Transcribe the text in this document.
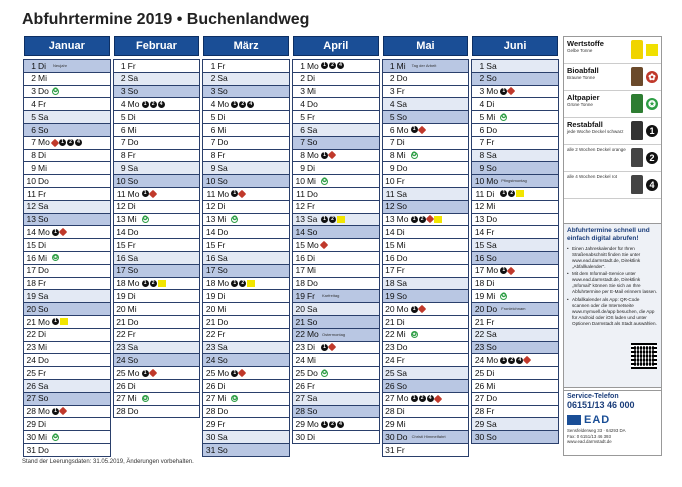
Abfuhrtermine 2019 • Buchenlandweg
Januar
1 Di	Neujahr
2 Mi
3 Do ✪
4 Fr
5 Sa
6 So
7 Mo	1	2	4
8 Di
9 Mi
10 Do
11 Fr
12 Sa
13 So
14 Mo 1
15 Di
16 Mi	✪
17 Do
18 Fr
19 Sa
20 So
21 Mo 1
22 Di
23 Mi
24 Do
25 Fr
26 Sa
27 So
28 Mo 1
29 Di
30 Mi	✪
31 Do
Februar
1 Fr
2 Sa
3 So
4 Mo 1	2	4
5 Di
6 Mi
7 Do
8 Fr
9 Sa
10 So
11 Mo 1
12 Di
13 Mi	✪
14 Do
15 Fr
16 Sa
17 So
18 Mo 1	2
19 Di
20 Mi
21 Do
22 Fr
23 Sa
24 So
25 Mo 1
26 Di
27 Mi	✪
28 Do
März
1 Fr
2 Sa
3 So
4 Mo 1	2	4
5 Di
6 Mi
7 Do
8 Fr
9 Sa
10 So
11 Mo 1
12 Di
13 Mi	✪
14 Do
15 Fr
16 Sa
17 So
18 Mo 1	2
19 Di
20 Mi
21 Do
22 Fr
23 Sa
24 So
25 Mo 1
26 Di
27 Mi	✪
28 Do
29 Fr
30 Sa
31 So
April
1 Mo 1	2	4
2 Di
3 Mi
4 Do
5 Fr
6 Sa
7 So
8 Mo 1
9 Di
10 Mi	✪
11 Do
12 Fr
13 Sa	1	2
14 So
15 Mo
16 Di
17 Mi
18 Do
19 Fr	Karfreitag
20 Sa
21 So
22 Mo Ostermontag
23 Di	1
24 Mi
25 Do ✪
26 Fr
27 Sa
28 So
29 Mo 1	2	4
30 Di
Mai
1 Mi	Tag der Arbeit
2 Do
3 Fr
4 Sa
5 So
6 Mo 1
7 Di
8 Mi	✪
9 Do
10 Fr
11 Sa
12 So
13 Mo 1	2
14 Di
15 Mi
16 Do
17 Fr
18 Sa
19 So
20 Mo 1
21 Di
22 Mi	✪
23 Do
24 Fr
25 Sa
26 So
27 Mo 1	2	4
28 Di
29 Mi
30 Do	Christi Himmelfahrt
31 Fr
Juni
1 Sa
2 So
3 Mo 1
4 Di
5 Mi	✪
6 Do
7 Fr
8 Sa
9 So
10 Mo Pfingstmontag
11 Di	1	2
12 Mi
13 Do
14 Fr
15 Sa
16 So
17 Mo 1
18 Di
19 Mi	✪
20 Do	Fronleichnam
21 Fr
22 Sa
23 So
24 Mo 1	2	4
25 Di
26 Mi
27 Do
28 Fr
29 Sa
30 So
Wertstoffe
Gelbe Tonne
Bioabfall
Braune Tonne	✿
Altpapier
Grüne Tonne	✪
Restabfall
jede Woche Deckel schwarz	1
alle 2 Wochen Deckel orange
2
alle 4 Wochen Deckel rot
4
Abfuhrtermine schnell und einfach digital abrufen!
• Einen Jahreskalender für Ihren Straßenabschnitt finden Sie unter www.ead.darmstadt.de, Direktlink „Abfallkalender".
• Mit dem Informail-Service unter www.ead.darmstadt.de, Direktlink „Infomail" können Sie sich an Ihre Abfuhrtermine per E-Mail erinnern lassen.
• Abfallkalender als App: QR-Code scannen oder die Internetseite www.mymuell.de/app besuchen, die App für Android oder iOS laden und unter Optionen Darmstadt als Stadt auswählen.
Service-Telefon
06151/13 46 000
EAD
Sensfelderweg 33 · 64293 DA
Fax: 0 6151/13 46 393
www.ead.darmstadt.de
Stand der Leerungsdaten: 31.05.2019, Änderungen vorbehalten.
